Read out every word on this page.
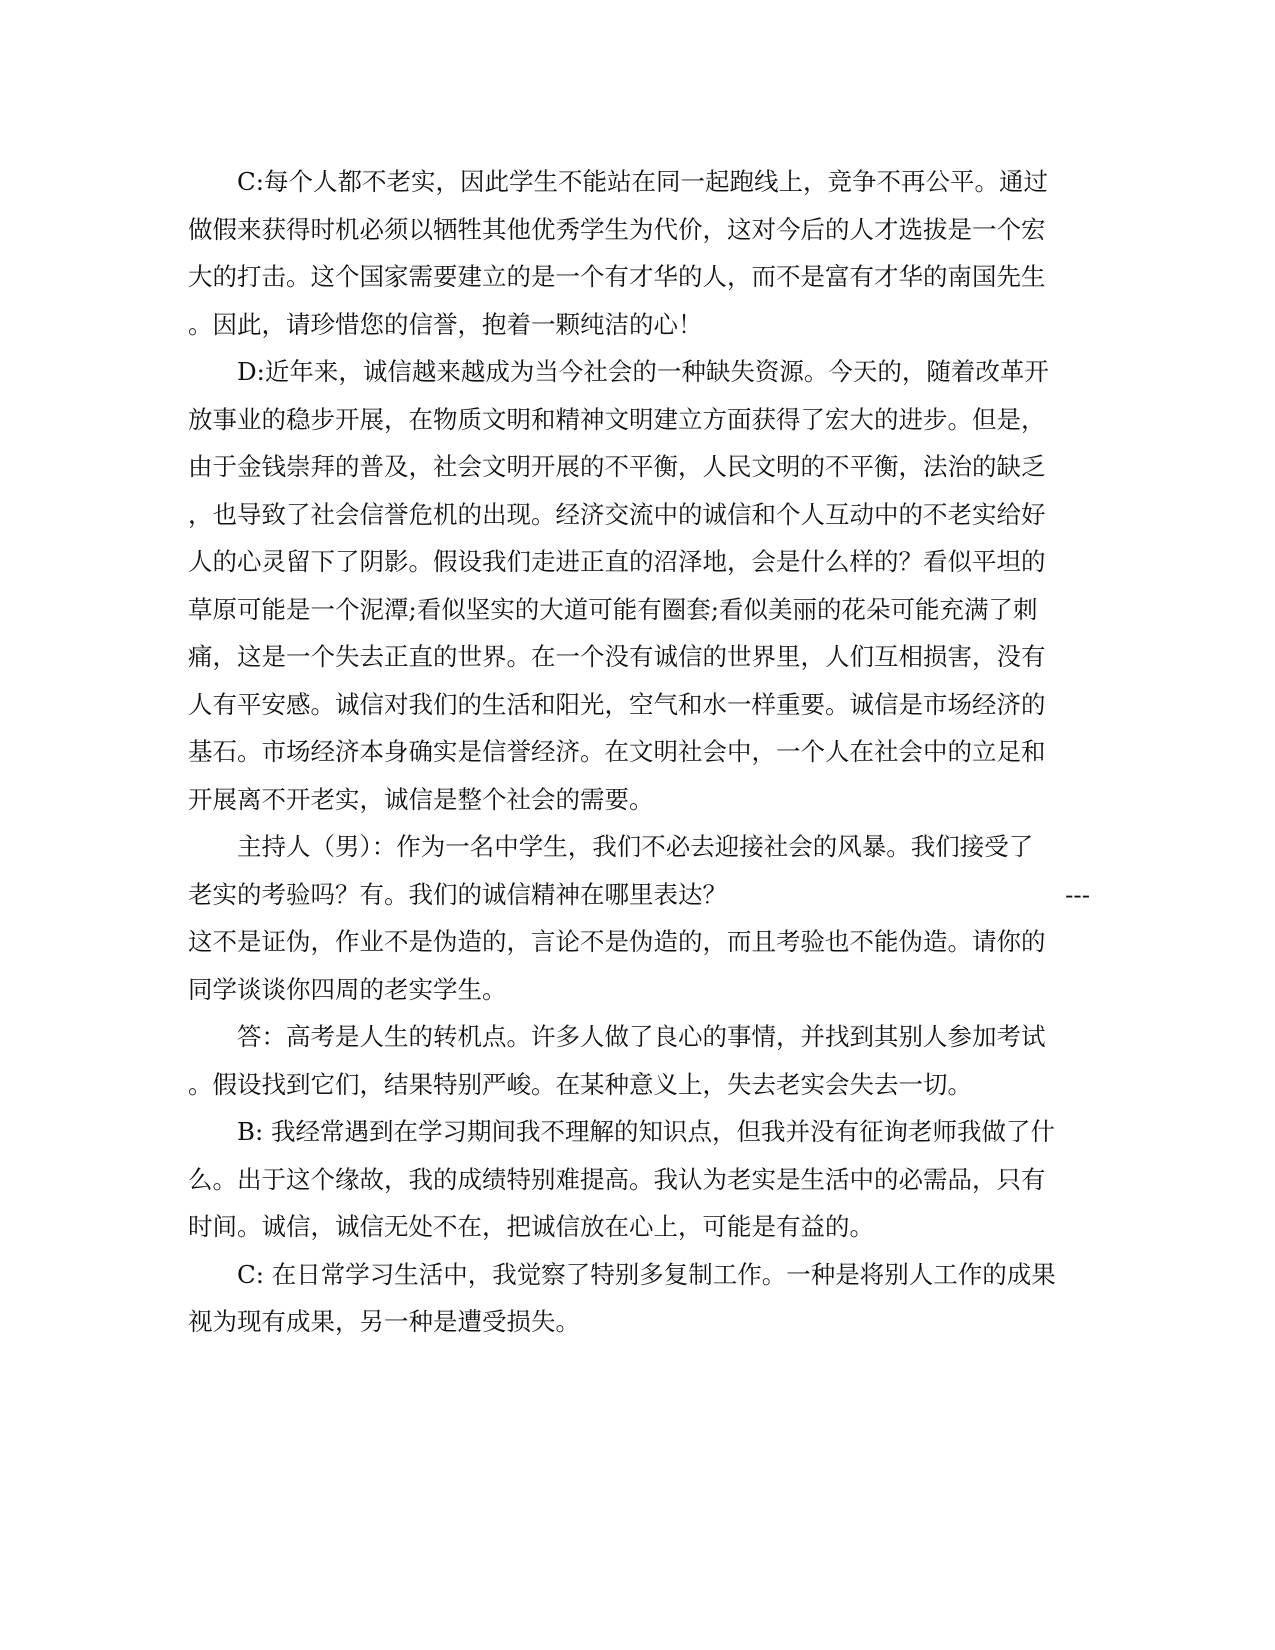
C:每个人都不老实，因此学生不能站在同一起跑线上，竞争不再公平。通过
做假来获得时机必须以牺牲其他优秀学生为代价，这对今后的人才选拔是一个宏
大的打击。这个国家需要建立的是一个有才华的人，而不是富有才华的南国先生
。因此，请珍惜您的信誉，抱着一颗纯洁的心！
D:近年来，诚信越来越成为当今社会的一种缺失资源。今天的，随着改革开
放事业的稳步开展，在物质文明和精神文明建立方面获得了宏大的进步。但是，
由于金钱崇拜的普及，社会文明开展的不平衡，人民文明的不平衡，法治的缺乏
，也导致了社会信誉危机的出现。经济交流中的诚信和个人互动中的不老实给好
人的心灵留下了阴影。假设我们走进正直的沼泽地，会是什么样的？看似平坦的
草原可能是一个泥潭;看似坚实的大道可能有圈套;看似美丽的花朵可能充满了刺
痛，这是一个失去正直的世界。在一个没有诚信的世界里，人们互相损害，没有
人有平安感。诚信对我们的生活和阳光，空气和水一样重要。诚信是市场经济的
基石。市场经济本身确实是信誉经济。在文明社会中，一个人在社会中的立足和
开展离不开老实，诚信是整个社会的需要。
主持人（男）：作为一名中学生，我们不必去迎接社会的风暴。我们接受了
老实的考验吗？有。我们的诚信精神在哪里表达？	---
这不是证伪，作业不是伪造的，言论不是伪造的，而且考验也不能伪造。请你的
同学谈谈你四周的老实学生。
答：高考是人生的转机点。许多人做了良心的事情，并找到其别人参加考试
。假设找到它们，结果特别严峻。在某种意义上，失去老实会失去一切。
B: 我经常遇到在学习期间我不理解的知识点，但我并没有征询老师我做了什
么。出于这个缘故，我的成绩特别难提高。我认为老实是生活中的必需品，只有
时间。诚信，诚信无处不在，把诚信放在心上，可能是有益的。
C: 在日常学习生活中，我觉察了特别多复制工作。一种是将别人工作的成果
视为现有成果，另一种是遭受损失。
